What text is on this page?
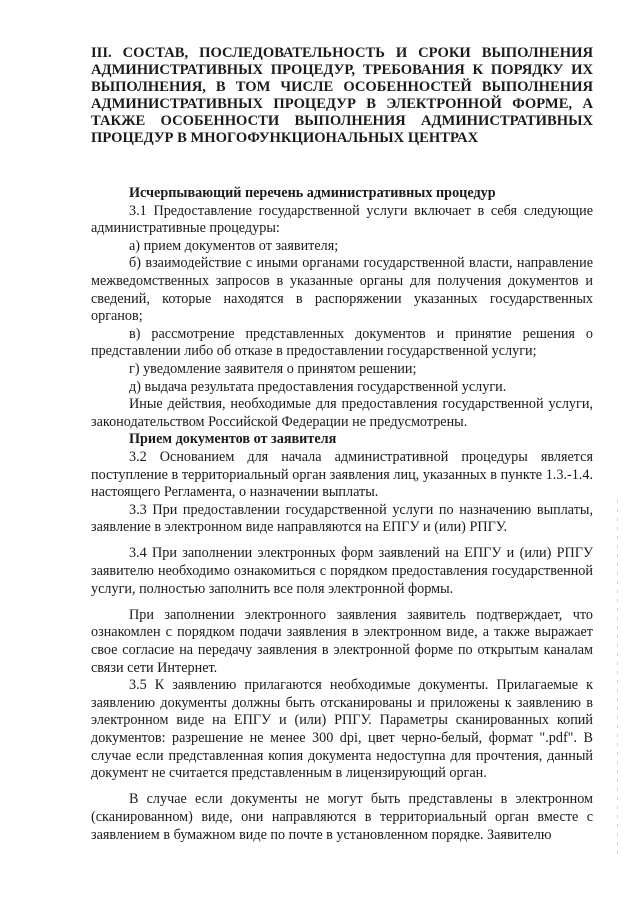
III. СОСТАВ, ПОСЛЕДОВАТЕЛЬНОСТЬ И СРОКИ ВЫПОЛНЕНИЯ АДМИНИСТРАТИВНЫХ ПРОЦЕДУР, ТРЕБОВАНИЯ К ПОРЯДКУ ИХ ВЫПОЛНЕНИЯ, В ТОМ ЧИСЛЕ ОСОБЕННОСТЕЙ ВЫПОЛНЕНИЯ АДМИНИСТРАТИВНЫХ ПРОЦЕДУР В ЭЛЕКТРОННОЙ ФОРМЕ, А ТАКЖЕ ОСОБЕННОСТИ ВЫПОЛНЕНИЯ АДМИНИСТРАТИВНЫХ ПРОЦЕДУР В МНОГОФУНКЦИОНАЛЬНЫХ ЦЕНТРАХ

Исчерпывающий перечень административных процедур

3.1 Предоставление государственной услуги включает в себя следующие административные процедуры:

а) прием документов от заявителя;

б) взаимодействие с иными органами государственной власти, направление межведомственных запросов в указанные органы для получения документов и сведений, которые находятся в распоряжении указанных государственных органов;

в) рассмотрение представленных документов и принятие решения о представлении либо об отказе в предоставлении государственной услуги;

г) уведомление заявителя о принятом решении;

д) выдача результата предоставления государственной услуги.

Иные действия, необходимые для предоставления государственной услуги, законодательством Российской Федерации не предусмотрены.

Прием документов от заявителя

3.2 Основанием для начала административной процедуры является поступление в территориальный орган заявления лиц, указанных в пункте 1.3.-1.4. настоящего Регламента, о назначении выплаты.

3.3 При предоставлении государственной услуги по назначению выплаты, заявление в электронном виде направляются на ЕПГУ и (или) РПГУ.

3.4 При заполнении электронных форм заявлений на ЕПГУ и (или) РПГУ заявителю необходимо ознакомиться с порядком предоставления государственной услуги, полностью заполнить все поля электронной формы.

При заполнении электронного заявления заявитель подтверждает, что ознакомлен с порядком подачи заявления в электронном виде, а также выражает свое согласие на передачу заявления в электронной форме по открытым каналам связи сети Интернет.

3.5 К заявлению прилагаются необходимые документы. Прилагаемые к заявлению документы должны быть отсканированы и приложены к заявлению в электронном виде на ЕПГУ и (или) РПГУ. Параметры сканированных копий документов: разрешение не менее 300 dpi, цвет черно-белый, формат ".pdf". В случае если представленная копия документа недоступна для прочтения, данный документ не считается представленным в лицензирующий орган.

В случае если документы не могут быть представлены в электронном (сканированном) виде, они направляются в территориальный орган вместе с заявлением в бумажном виде по почте в установленном порядке. Заявителю
